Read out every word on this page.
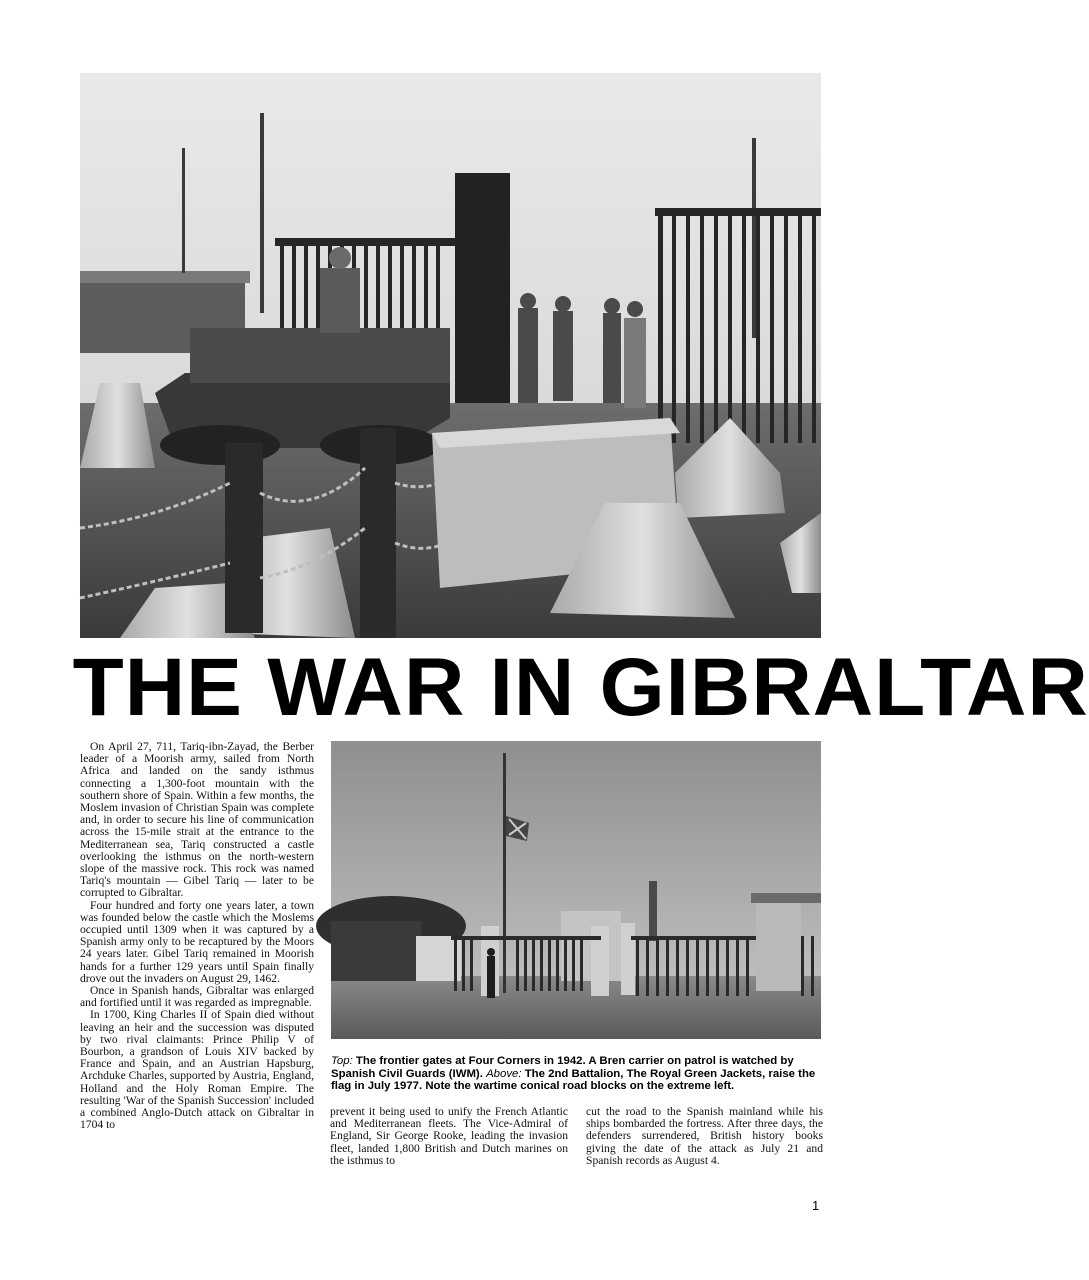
THE WAR IN GIBRALTAR

On April 27, 711, Tariq-ibn-Zayad, the Berber leader of a Moorish army, sailed from North Africa and landed on the sandy isthmus connecting a 1,300-foot mountain with the southern shore of Spain. Within a few months, the Moslem invasion of Christian Spain was complete and, in order to secure his line of communication across the 15-mile strait at the entrance to the Mediterranean sea, Tariq constructed a castle overlooking the isthmus on the north-western slope of the massive rock. This rock was named Tariq's mountain — Gibel Tariq — later to be corrupted to Gibraltar.

Four hundred and forty one years later, a town was founded below the castle which the Moslems occupied until 1309 when it was captured by a Spanish army only to be recaptured by the Moors 24 years later. Gibel Tariq remained in Moorish hands for a further 129 years until Spain finally drove out the invaders on August 29, 1462.

Once in Spanish hands, Gibraltar was enlarged and fortified until it was regarded as impregnable.

In 1700, King Charles II of Spain died without leaving an heir and the succession was disputed by two rival claimants: Prince Philip V of Bourbon, a grandson of Louis XIV backed by France and Spain, and an Austrian Hapsburg, Archduke Charles, supported by Austria, England, Holland and the Holy Roman Empire. The resulting 'War of the Spanish Succession' included a combined Anglo-Dutch attack on Gibraltar in 1704 to

Top: The frontier gates at Four Corners in 1942. A Bren carrier on patrol is watched by Spanish Civil Guards (IWM). Above: The 2nd Battalion, The Royal Green Jackets, raise the flag in July 1977. Note the wartime conical road blocks on the extreme left.

prevent it being used to unify the French Atlantic and Mediterranean fleets. The Vice-Admiral of England, Sir George Rooke, leading the invasion fleet, landed 1,800 British and Dutch marines on the isthmus to

cut the road to the Spanish mainland while his ships bombarded the fortress. After three days, the defenders surrendered, British history books giving the date of the attack as July 21 and Spanish records as August 4.

1
